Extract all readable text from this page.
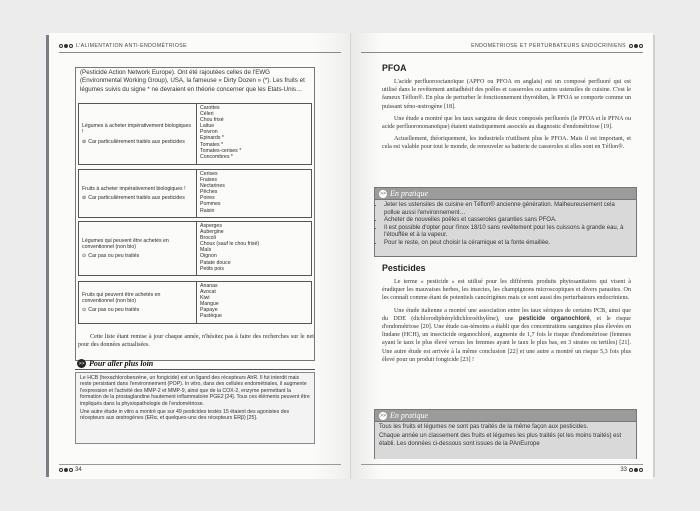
L'ALIMENTATION ANTI-ENDOMÉTRIOSE
(Pesticide Action Network Europe). Ont été rajoutées celles de l'EWG (Environmental Working Group), USA, la fameuse « Dirty Dozen » (*). Les fruits et légumes suivis du signe * ne devraient en théorie concerner que les Etats-Unis…
Légumes à acheter impérativement biologiques !
⊘ Car particulièrement traités aux pesticides
Carottes
Céleri
Chou frisé
Laitue
Poivron
Epinards *
Tomates *
Tomates-cerises *
Concombres *
Fruits à acheter impérativement biologiques !
⊘ Car particulièrement traités aux pesticides
Cerises
Fraises
Nectarines
Pêches
Poires
Pommes
Raisin
Légumes qui peuvent être achetés en conventionnel (non bio)
⊙ Car pas ou peu traités
Asperges
Aubergine
Brocoli
Choux (sauf le chou frisé)
Maïs
Oignon
Patate douce
Petits pois
Fruits qui peuvent être achetés en conventionnel (non bio)
⊙ Car pas ou peu traités
Ananas
Avocat
Kiwi
Mangue
Papaye
Pastèque
Cette liste étant remise à jour chaque année, n'hésitez pas à faire des recherches sur le net pour des données actualisées.
>> Pour aller plus loin

Le HCB (hexachlorobenzène, un fongicide) est un ligand des récepteurs AhR. Il fut interdit mais reste persistant dans l'environnement (POP). In vitro, dans des cellules endométriales, il augmente l'expression et l'activité des MMP-2 et MMP-9, ainsi que de la COX-2, enzyme permettant la formation de la prostaglandine hautement inflammatoire PGE2 [24]. Tous ces éléments peuvent être impliqués dans la physiopathologie de l'endométriose.

Une autre étude in vitro a montré que sur 49 pesticides testés 15 étaient des agonistes des récepteurs aux œstrogènes (ERα, et quelques-uns des récepteurs ERβ) [25].

34
ENDOMÉTRIOSE ET PERTURBATEURS ENDOCRINIENS
PFOA

L'acide perfluorooctanoïque (APFO ou PFOA en anglais) est un composé perfluoré qui est utilisé dans le revêtement antiadhésif des poêles et casseroles ou autres ustensiles de cuisine. C'est le fameux Téflon®. En plus de perturber le fonctionnement thyroïdien, le PFOA se comporte comme un puissant xéno-œstrogène [18].

Une étude a montré que les taux sanguins de deux composés perfluorés (le PFOA et le PFNA ou acide perfluorononanoïque) étaient statistiquement associés au diagnostic d'endométriose [19].

Actuellement, théoriquement, les industriels n'utilisent plus le PFOA. Mais il est important, et cela est valable pour tout le monde, de renouveler sa batterie de casseroles si elles sont en Téflon®.

>> En pratique
• Jeter les ustensiles de cuisine en Téflon® ancienne génération. Malheureusement cela pollue aussi l'environnement…
• Acheter de nouvelles poêles et casseroles garanties sans PFOA.
• Il est possible d'opter pour l'inox 18/10 sans revêtement pour les cuissons à grande eau, à l'étouffée et à la vapeur.
• Pour le reste, on peut choisir la céramique et la fonte émaillée.
Pesticides

Le terme « pesticide » est utilisé pour les différents produits phytosanitaires qui visent à éradiquer les mauvaises herbes, les insectes, les champignons microscopiques et divers parasites. On les connaît comme étant de potentiels cancérigènes mais ce sont aussi des perturbateurs endocriniens.

Une étude italienne a montré une association entre les taux sériques de certains PCB, ainsi que du DDE (dichlorodiphényldichloroéthylène), une pesticide organochloré, et le risque d'endométriose [20]. Une étude cas-témoins a établi que des concentrations sanguines plus élevées en lindane (HCH), un insecticide organochloré, augmente de 1,7 fois le risque d'endométriose (femmes ayant le taux le plus élevé versus les femmes ayant le taux le plus bas, en 3 strates ou tertiles) [21]. Une autre étude est arrivée à la même conclusion [22] et une autre a montré un risque 5,3 fois plus élevé pour un produit fongicide [23] !

>> En pratique

Tous les fruits et légumes ne sont pas traités de la même façon aux pesticides.

Chaque année un classement des fruits et légumes les plus traités (et les moins traités) est établi. Les données ci-dessous sont issues de la PAnEurope

33
